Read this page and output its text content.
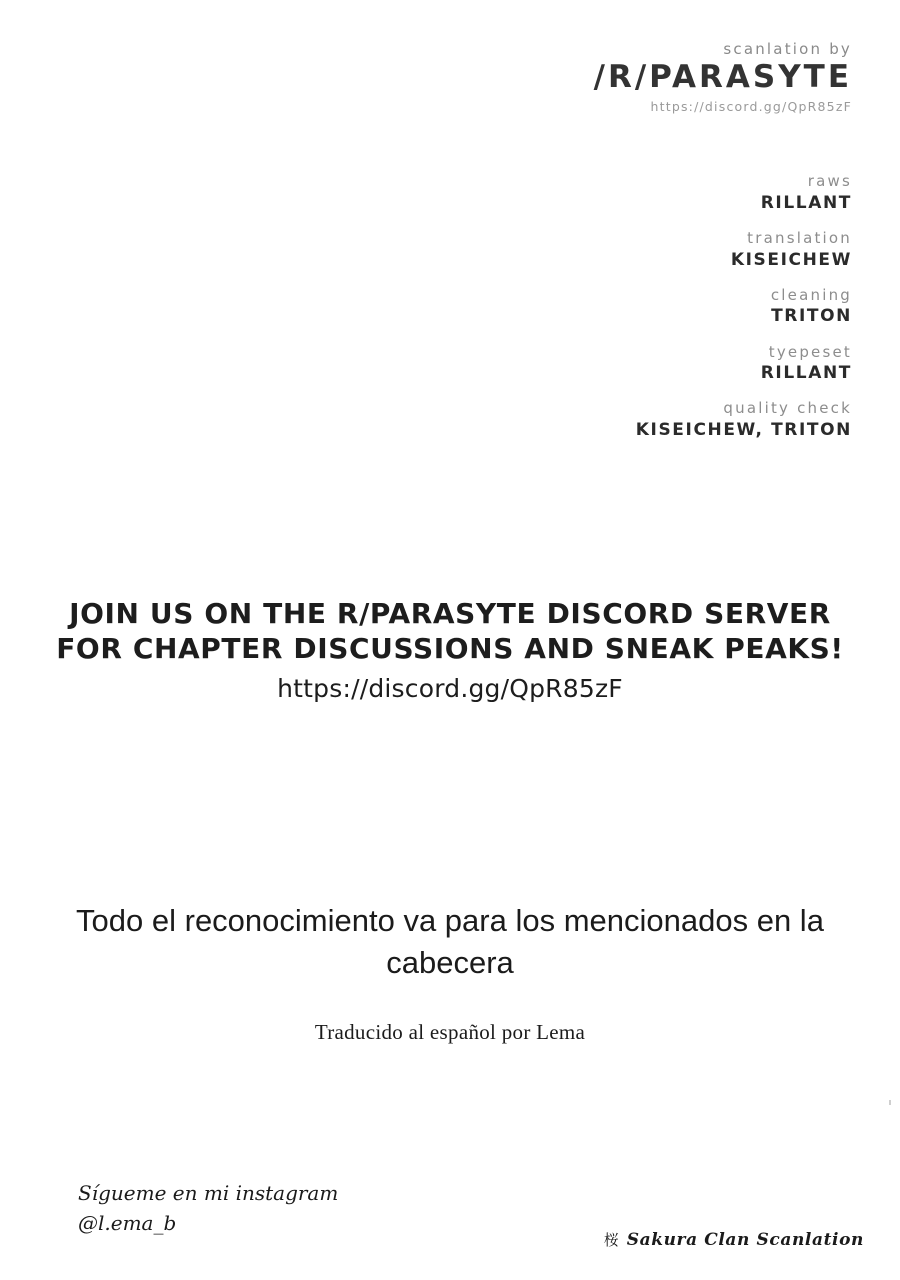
scanlation by
/R/PARASYTE
https://discord.gg/QpR85zF
raws
RILLANT
translation
KISEICHEW
cleaning
TRITON
tyepeset
RILLANT
quality check
KISEICHEW, TRITON
JOIN US ON THE R/PARASYTE DISCORD SERVER
FOR CHAPTER DISCUSSIONS AND SNEAK PEAKS!
https://discord.gg/QpR85zF
Todo el reconocimiento va para los mencionados en la cabecera
Traducido al español por Lema
Sígueme en mi instagram
@l.ema_b
桜 Sakura Clan Scanlation
